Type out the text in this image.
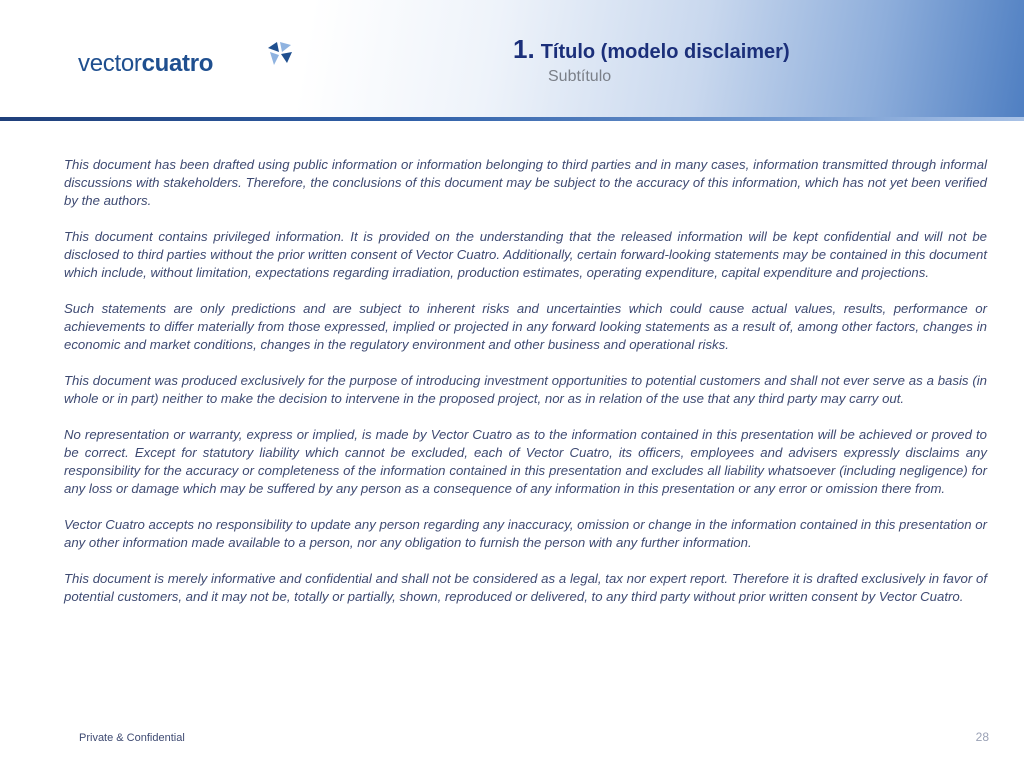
vectorcuatro	1. Título (modelo disclaimer)
Subtítulo

This document has been drafted using public information or information belonging to third parties and in many cases, information transmitted through informal discussions with stakeholders. Therefore, the conclusions of this document may be subject to the accuracy of this information, which has not yet been verified by the authors.

This document contains privileged information. It is provided on the understanding that the released information will be kept confidential and will not be disclosed to third parties without the prior written consent of Vector Cuatro. Additionally, certain forward-looking statements may be contained in this document which include, without limitation, expectations regarding irradiation, production estimates, operating expenditure, capital expenditure and projections.

Such statements are only predictions and are subject to inherent risks and uncertainties which could cause actual values, results, performance or achievements to differ materially from those expressed, implied or projected in any forward looking statements as a result of, among other factors, changes in economic and market conditions, changes in the regulatory environment and other business and operational risks.

This document was produced exclusively for the purpose of introducing investment opportunities to potential customers and shall not ever serve as a basis (in whole or in part) neither to make the decision to intervene in the proposed project, nor as in relation of the use that any third party may carry out.

No representation or warranty, express or implied, is made by Vector Cuatro as to the information contained in this presentation will be achieved or proved to be correct. Except for statutory liability which cannot be excluded, each of Vector Cuatro, its officers, employees and advisers expressly disclaims any responsibility for the accuracy or completeness of the information contained in this presentation and excludes all liability whatsoever (including negligence) for any loss or damage which may be suffered by any person as a consequence of any information in this presentation or any error or omission there from.

Vector Cuatro accepts no responsibility to update any person regarding any inaccuracy, omission or change in the information contained in this presentation or any other information made available to a person, nor any obligation to furnish the person with any further information.

This document is merely informative and confidential and shall not be considered as a legal, tax nor expert report. Therefore it is drafted exclusively in favor of potential customers, and it may not be, totally or partially, shown, reproduced or delivered, to any third party without prior written consent by Vector Cuatro.

Private & Confidential	28
